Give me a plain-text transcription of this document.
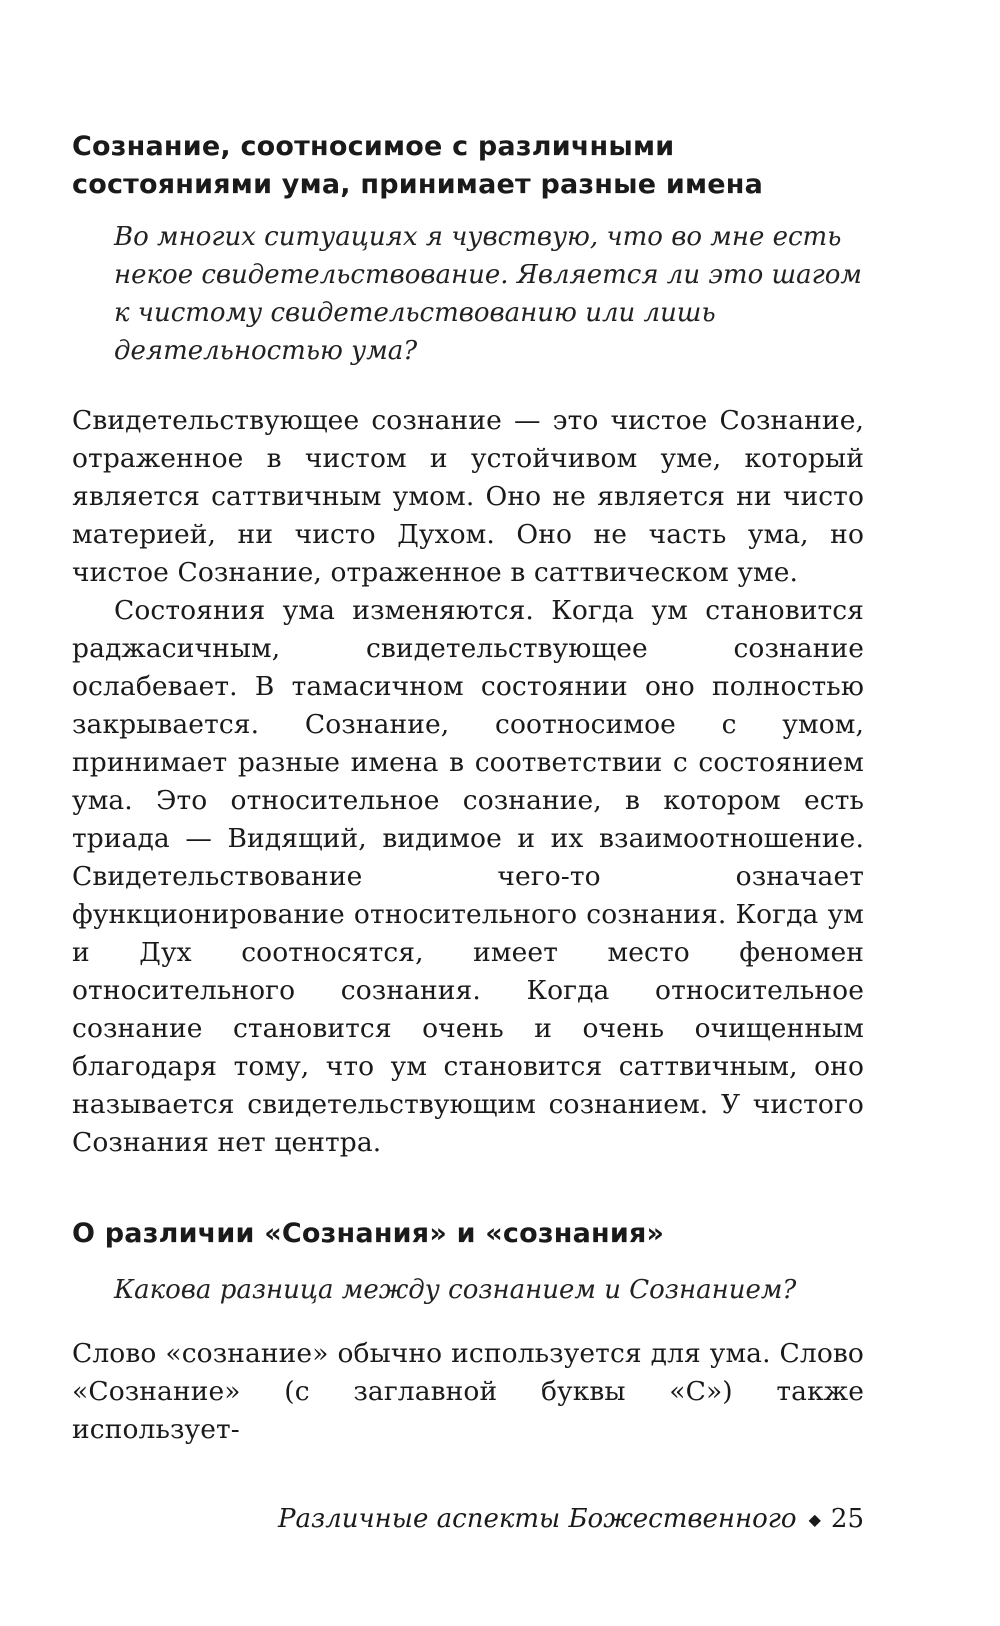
Сознание, соотносимое с различными
состояниями ума, принимает разные имена

Во многих ситуациях я чувствую, что во мне есть некое свидетельствование. Является ли это шагом к чистому свидетельствованию или лишь деятельностью ума?

Свидетельствующее сознание — это чистое Сознание, отраженное в чистом и устойчивом уме, который является саттвичным умом. Оно не является ни чисто материей, ни чисто Духом. Оно не часть ума, но чистое Сознание, отраженное в саттвическом уме.

Состояния ума изменяются. Когда ум становится раджасичным, свидетельствующее сознание ослабевает. В тамасичном состоянии оно полностью закрывается. Сознание, соотносимое с умом, принимает разные имена в соответствии с состоянием ума. Это относительное сознание, в котором есть триада — Видящий, видимое и их взаимоотношение. Свидетельствование чего-то означает функционирование относительного сознания. Когда ум и Дух соотносятся, имеет место феномен относительного сознания. Когда относительное сознание становится очень и очень очищенным благодаря тому, что ум становится саттвичным, оно называется свидетельствующим сознанием. У чистого Сознания нет центра.

О различии «Сознания» и «сознания»

Какова разница между сознанием и Сознанием?

Слово «сознание» обычно используется для ума. Слово «Сознание» (с заглавной буквы «С») также использует-

Различные аспекты Божественного ◆ 25
